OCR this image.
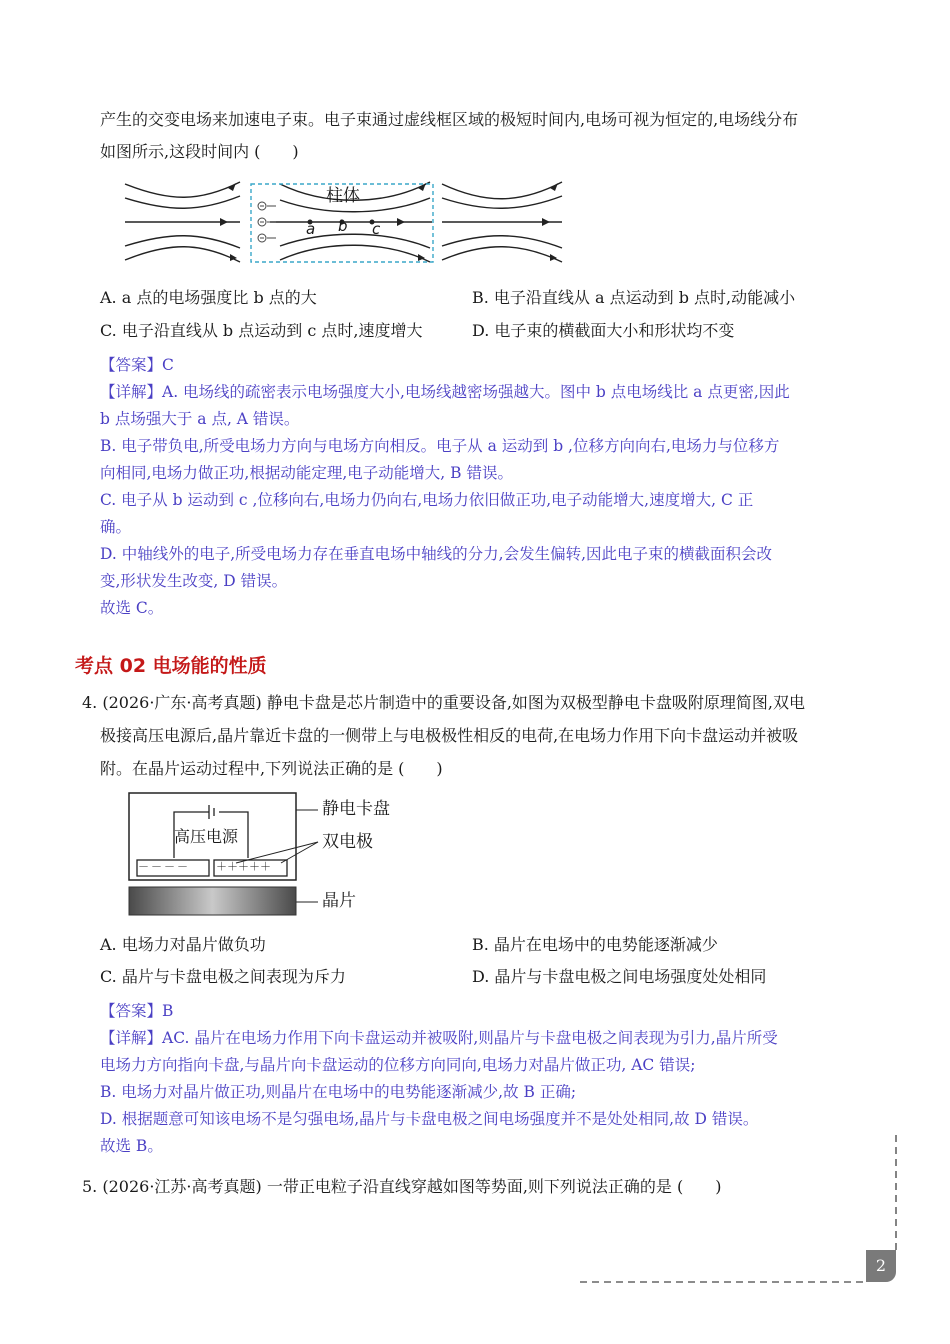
产生的交变电场来加速电子束。电子束通过虚线框区域的极短时间内,电场可视为恒定的,电场线分布
如图所示,这段时间内 (　　)
柱体
a b c
A. a 点的电场强度比 b 点的大	B. 电子沿直线从 a 点运动到 b 点时,动能减小
C. 电子沿直线从 b 点运动到 c 点时,速度增大	D. 电子束的横截面大小和形状均不变
【答案】C
【详解】A. 电场线的疏密表示电场强度大小,电场线越密场强越大。图中 b 点电场线比 a 点更密,因此
b 点场强大于 a 点, A 错误。
B. 电子带负电,所受电场力方向与电场方向相反。电子从 a 运动到 b ,位移方向向右,电场力与位移方
向相同,电场力做正功,根据动能定理,电子动能增大, B 错误。
C. 电子从 b 运动到 c ,位移向右,电场力仍向右,电场力依旧做正功,电子动能增大,速度增大, C 正
确。
D. 中轴线外的电子,所受电场力存在垂直电场中轴线的分力,会发生偏转,因此电子束的横截面积会改
变,形状发生改变, D 错误。
故选 C。
考点 02 电场能的性质
4. (2026·广东·高考真题) 静电卡盘是芯片制造中的重要设备,如图为双极型静电卡盘吸附原理简图,双电
极接高压电源后,晶片靠近卡盘的一侧带上与电极极性相反的电荷,在电场力作用下向卡盘运动并被吸
附。在晶片运动过程中,下列说法正确的是 (　　)
高压电源
－－－－ ＋＋＋＋＋
静电卡盘
双电极
晶片
A. 电场力对晶片做负功	B. 晶片在电场中的电势能逐渐减少
C. 晶片与卡盘电极之间表现为斥力	D. 晶片与卡盘电极之间电场强度处处相同
【答案】B
【详解】AC. 晶片在电场力作用下向卡盘运动并被吸附,则晶片与卡盘电极之间表现为引力,晶片所受
电场力方向指向卡盘,与晶片向卡盘运动的位移方向同向,电场力对晶片做正功, AC 错误;
B. 电场力对晶片做正功,则晶片在电场中的电势能逐渐减少,故 B 正确;
D. 根据题意可知该电场不是匀强电场,晶片与卡盘电极之间电场强度并不是处处相同,故 D 错误。
故选 B。
5. (2026·江苏·高考真题) 一带正电粒子沿直线穿越如图等势面,则下列说法正确的是 (　　)
2
